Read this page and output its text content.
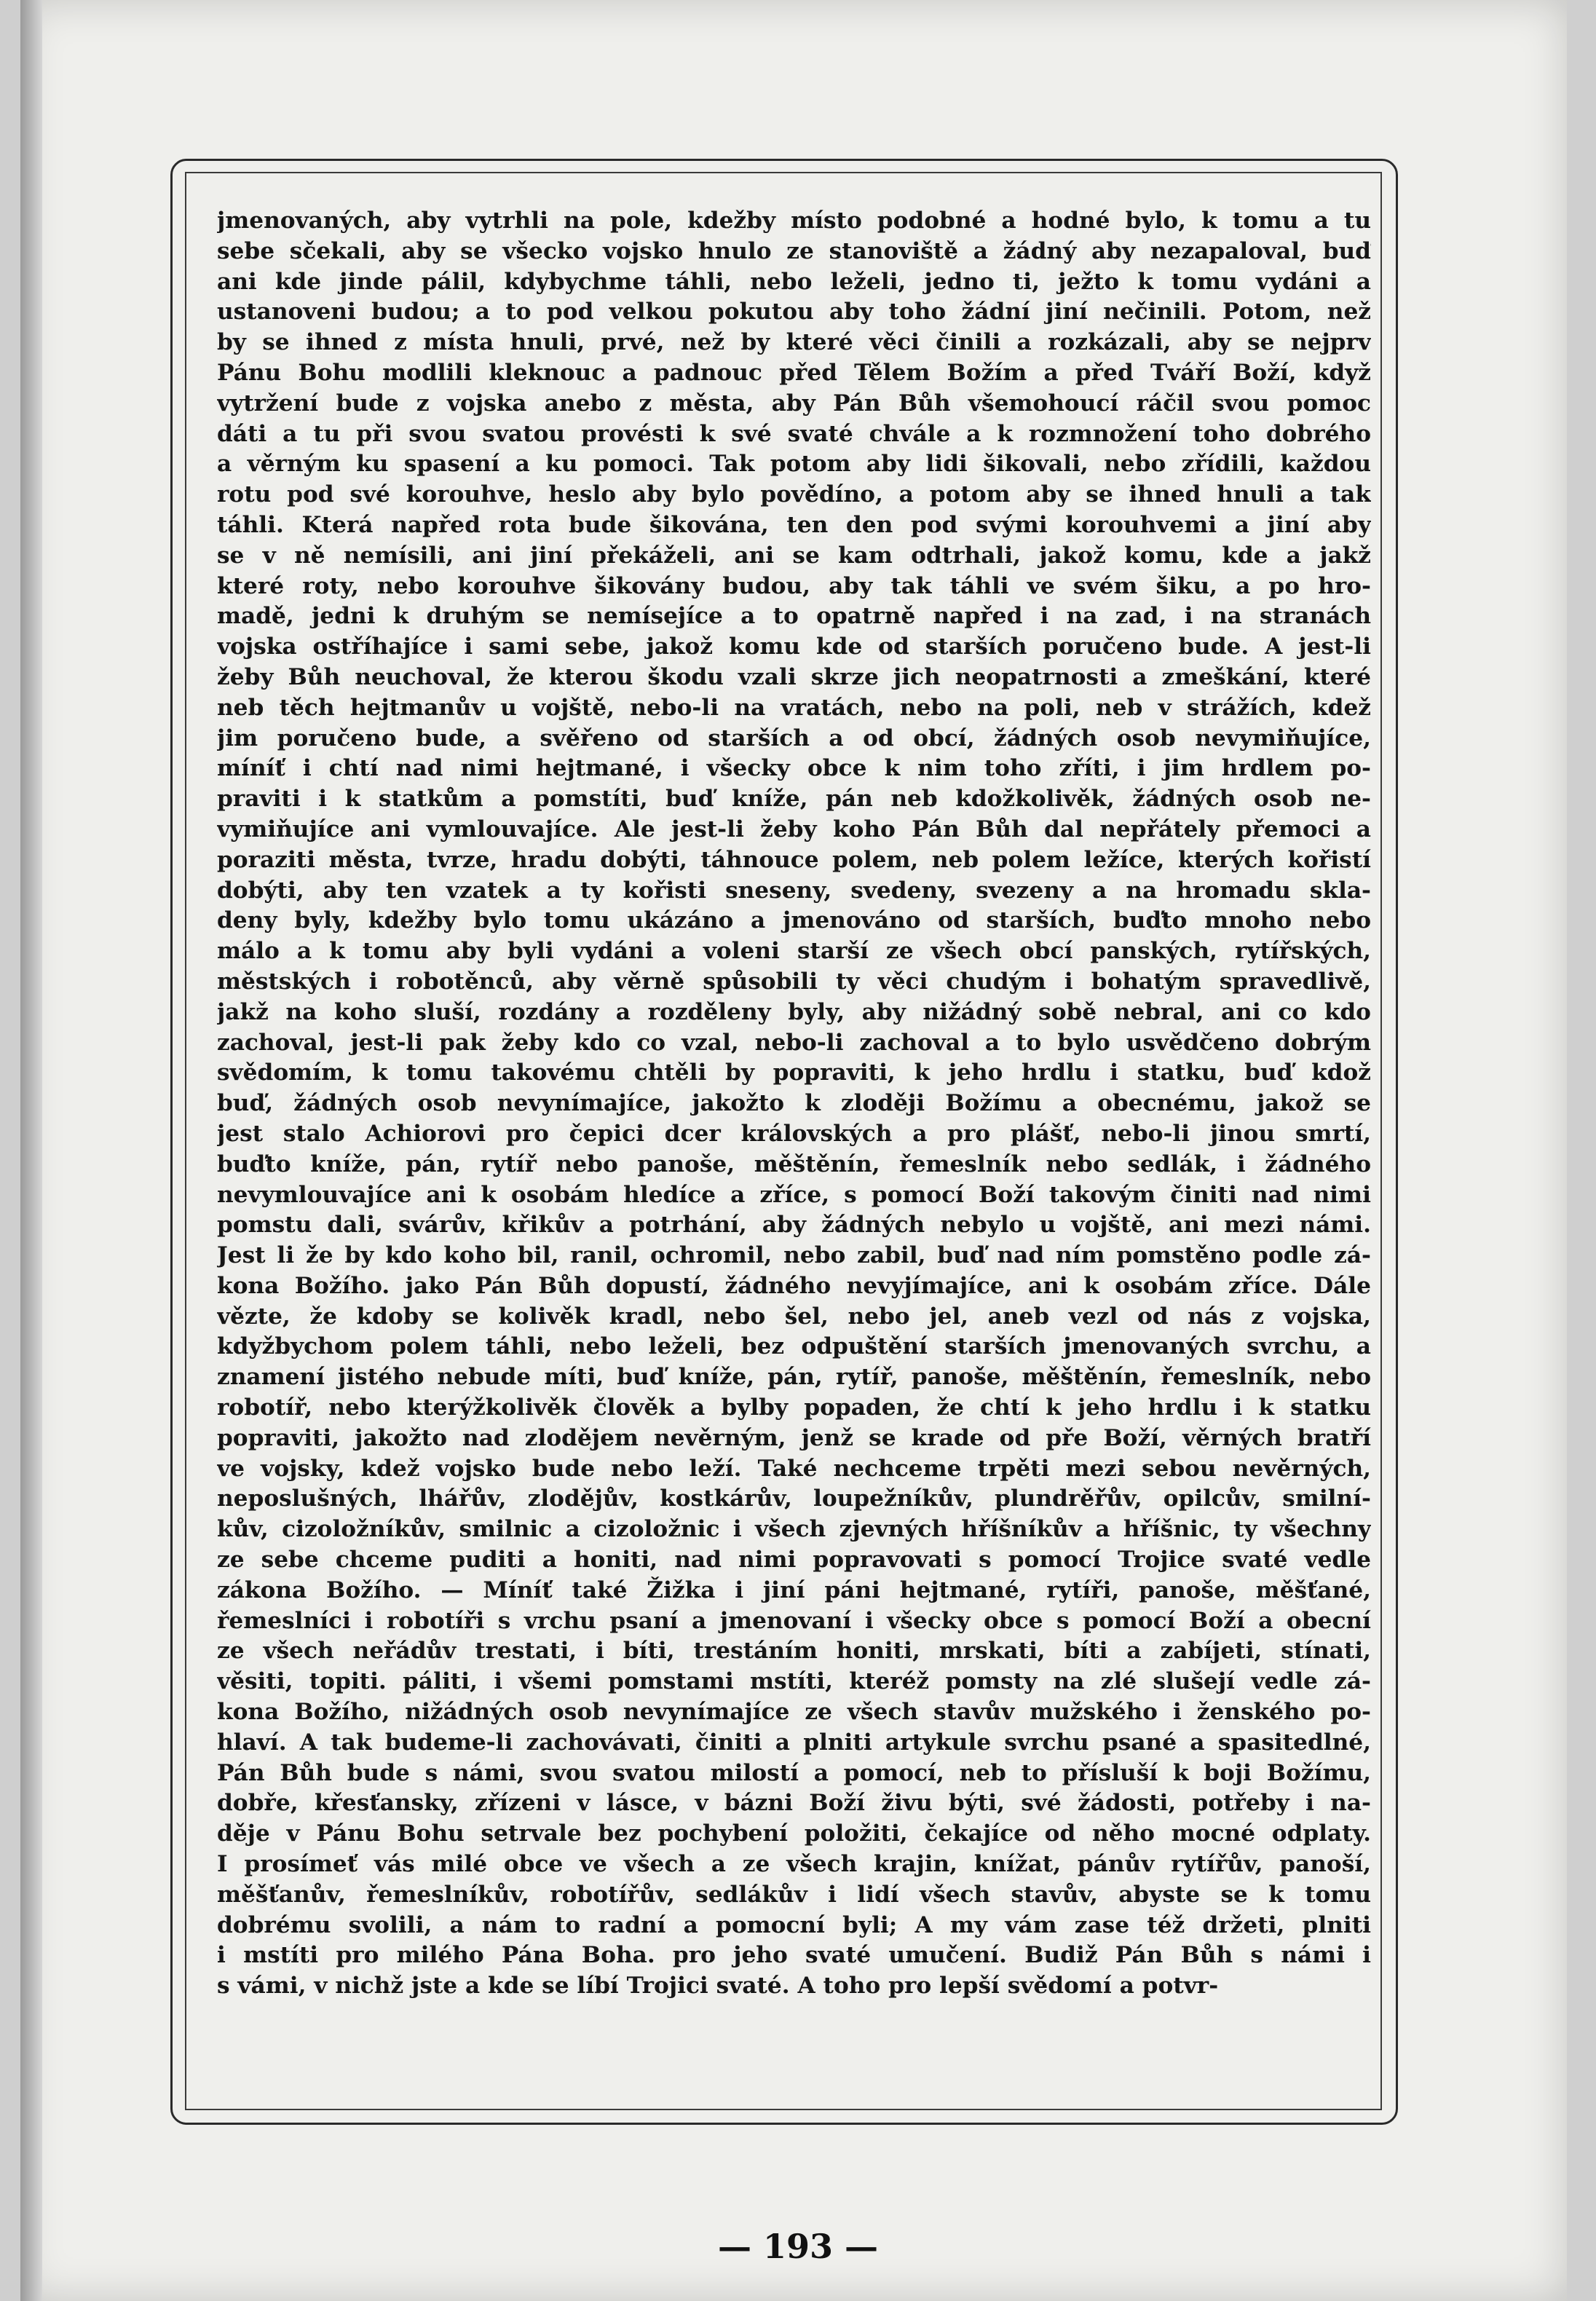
jmenovaných, aby vytrhli na pole, kdežby místo podobné a hodné bylo, k tomu a tu
sebe sčekali, aby se všecko vojsko hnulo ze stanoviště a žádný aby nezapaloval, buď
ani kde jinde pálil, kdybychme táhli, nebo leželi, jedno ti, ježto k tomu vydáni a
ustanoveni budou; a to pod velkou pokutou aby toho žádní jiní nečinili. Potom, než
by se ihned z místa hnuli, prvé, než by které věci činili a rozkázali, aby se nejprv
Pánu Bohu modlili kleknouc a padnouc před Tělem Božím a před Tváří Boží, když
vytržení bude z vojska anebo z města, aby Pán Bůh všemohoucí ráčil svou pomoc
dáti a tu při svou svatou provésti k své svaté chvále a k rozmnožení toho dobrého
a věrným ku spasení a ku pomoci. Tak potom aby lidi šikovali, nebo zřídili, každou
rotu pod své korouhve, heslo aby bylo povědíno, a potom aby se ihned hnuli a tak
táhli. Která napřed rota bude šikována, ten den pod svými korouhvemi a jiní aby
se v ně nemísili, ani jiní překáželi, ani se kam odtrhali, jakož komu, kde a jakž
které roty, nebo korouhve šikovány budou, aby tak táhli ve svém šiku, a po hro-
madě, jedni k druhým se nemísejíce a to opatrně napřed i na zad, i na stranách
vojska ostříhajíce i sami sebe, jakož komu kde od starších poručeno bude. A jest-li
žeby Bůh neuchoval, že kterou škodu vzali skrze jich neopatrnosti a zmeškání, které
neb těch hejtmanův u vojště, nebo-li na vratách, nebo na poli, neb v strážích, kdež
jim poručeno bude, a svěřeno od starších a od obcí, žádných osob nevymiňujíce,
míníť i chtí nad nimi hejtmané, i všecky obce k nim toho zříti, i jim hrdlem po-
praviti i k statkům a pomstíti, buď kníže, pán neb kdožkolivěk, žádných osob ne-
vymiňujíce ani vymlouvajíce. Ale jest-li žeby koho Pán Bůh dal nepřátely přemoci a
poraziti města, tvrze, hradu dobýti, táhnouce polem, neb polem ležíce, kterých kořistí
dobýti, aby ten vzatek a ty kořisti sneseny, svedeny, svezeny a na hromadu skla-
deny byly, kdežby bylo tomu ukázáno a jmenováno od starších, buďto mnoho nebo
málo a k tomu aby byli vydáni a voleni starší ze všech obcí panských, rytířských,
městských i robotěnců, aby věrně spůsobili ty věci chudým i bohatým spravedlivě,
jakž na koho sluší, rozdány a rozděleny byly, aby nižádný sobě nebral, ani co kdo
zachoval, jest-li pak žeby kdo co vzal, nebo-li zachoval a to bylo usvědčeno dobrým
svědomím, k tomu takovému chtěli by popraviti, k jeho hrdlu i statku, buď kdož
buď, žádných osob nevynímajíce, jakožto k zloději Božímu a obecnému, jakož se
jest stalo Achiorovi pro čepici dcer královských a pro plášť, nebo-li jinou smrtí,
buďto kníže, pán, rytíř nebo panoše, měštěnín, řemeslník nebo sedlák, i žádného
nevymlouvajíce ani k osobám hledíce a zříce, s pomocí Boží takovým činiti nad nimi
pomstu dali, svárův, křikův a potrhání, aby žádných nebylo u vojště, ani mezi námi.
Jest li že by kdo koho bil, ranil, ochromil, nebo zabil, buď nad ním pomstěno podle zá-
kona Božího. jako Pán Bůh dopustí, žádného nevyjímajíce, ani k osobám zříce. Dále
vězte, že kdoby se kolivěk kradl, nebo šel, nebo jel, aneb vezl od nás z vojska,
kdyžbychom polem táhli, nebo leželi, bez odpuštění starších jmenovaných svrchu, a
znamení jistého nebude míti, buď kníže, pán, rytíř, panoše, měštěnín, řemeslník, nebo
robotíř, nebo kterýžkolivěk člověk a bylby popaden, že chtí k jeho hrdlu i k statku
popraviti, jakožto nad zlodějem nevěrným, jenž se krade od pře Boží, věrných bratří
ve vojsky, kdež vojsko bude nebo leží. Také nechceme trpěti mezi sebou nevěrných,
neposlušných, lhářův, zlodějův, kostkárův, loupežníkův, plundrěřův, opilcův, smilní-
kův, cizoložníkův, smilnic a cizoložnic i všech zjevných hříšníkův a hříšnic, ty všechny
ze sebe chceme puditi a honiti, nad nimi popravovati s pomocí Trojice svaté vedle
zákona Božího. — Míníť také Žižka i jiní páni hejtmané, rytíři, panoše, měšťané,
řemeslníci i robotíři s vrchu psaní a jmenovaní i všecky obce s pomocí Boží a obecní
ze všech neřádův trestati, i bíti, trestáním honiti, mrskati, bíti a zabíjeti, stínati,
věsiti, topiti. páliti, i všemi pomstami mstíti, kteréž pomsty na zlé slušejí vedle zá-
kona Božího, nižádných osob nevynímajíce ze všech stavův mužského i ženského po-
hlaví. A tak budeme-li zachovávati, činiti a plniti artykule svrchu psané a spasitedlné,
Pán Bůh bude s námi, svou svatou milostí a pomocí, neb to přísluší k boji Božímu,
dobře, křesťansky, zřízeni v lásce, v bázni Boží živu býti, své žádosti, potřeby i na-
děje v Pánu Bohu setrvale bez pochybení položiti, čekajíce od něho mocné odplaty.
I prosímeť vás milé obce ve všech a ze všech krajin, knížat, pánův rytířův, panoší,
měšťanův, řemeslníkův, robotířův, sedlákův i lidí všech stavův, abyste se k tomu
dobrému svolili, a nám to radní a pomocní byli; A my vám zase též držeti, plniti
i mstíti pro milého Pána Boha. pro jeho svaté umučení. Budiž Pán Bůh s námi i
s vámi, v nichž jste a kde se líbí Trojici svaté. A toho pro lepší svědomí a potvr-
— 193 —
